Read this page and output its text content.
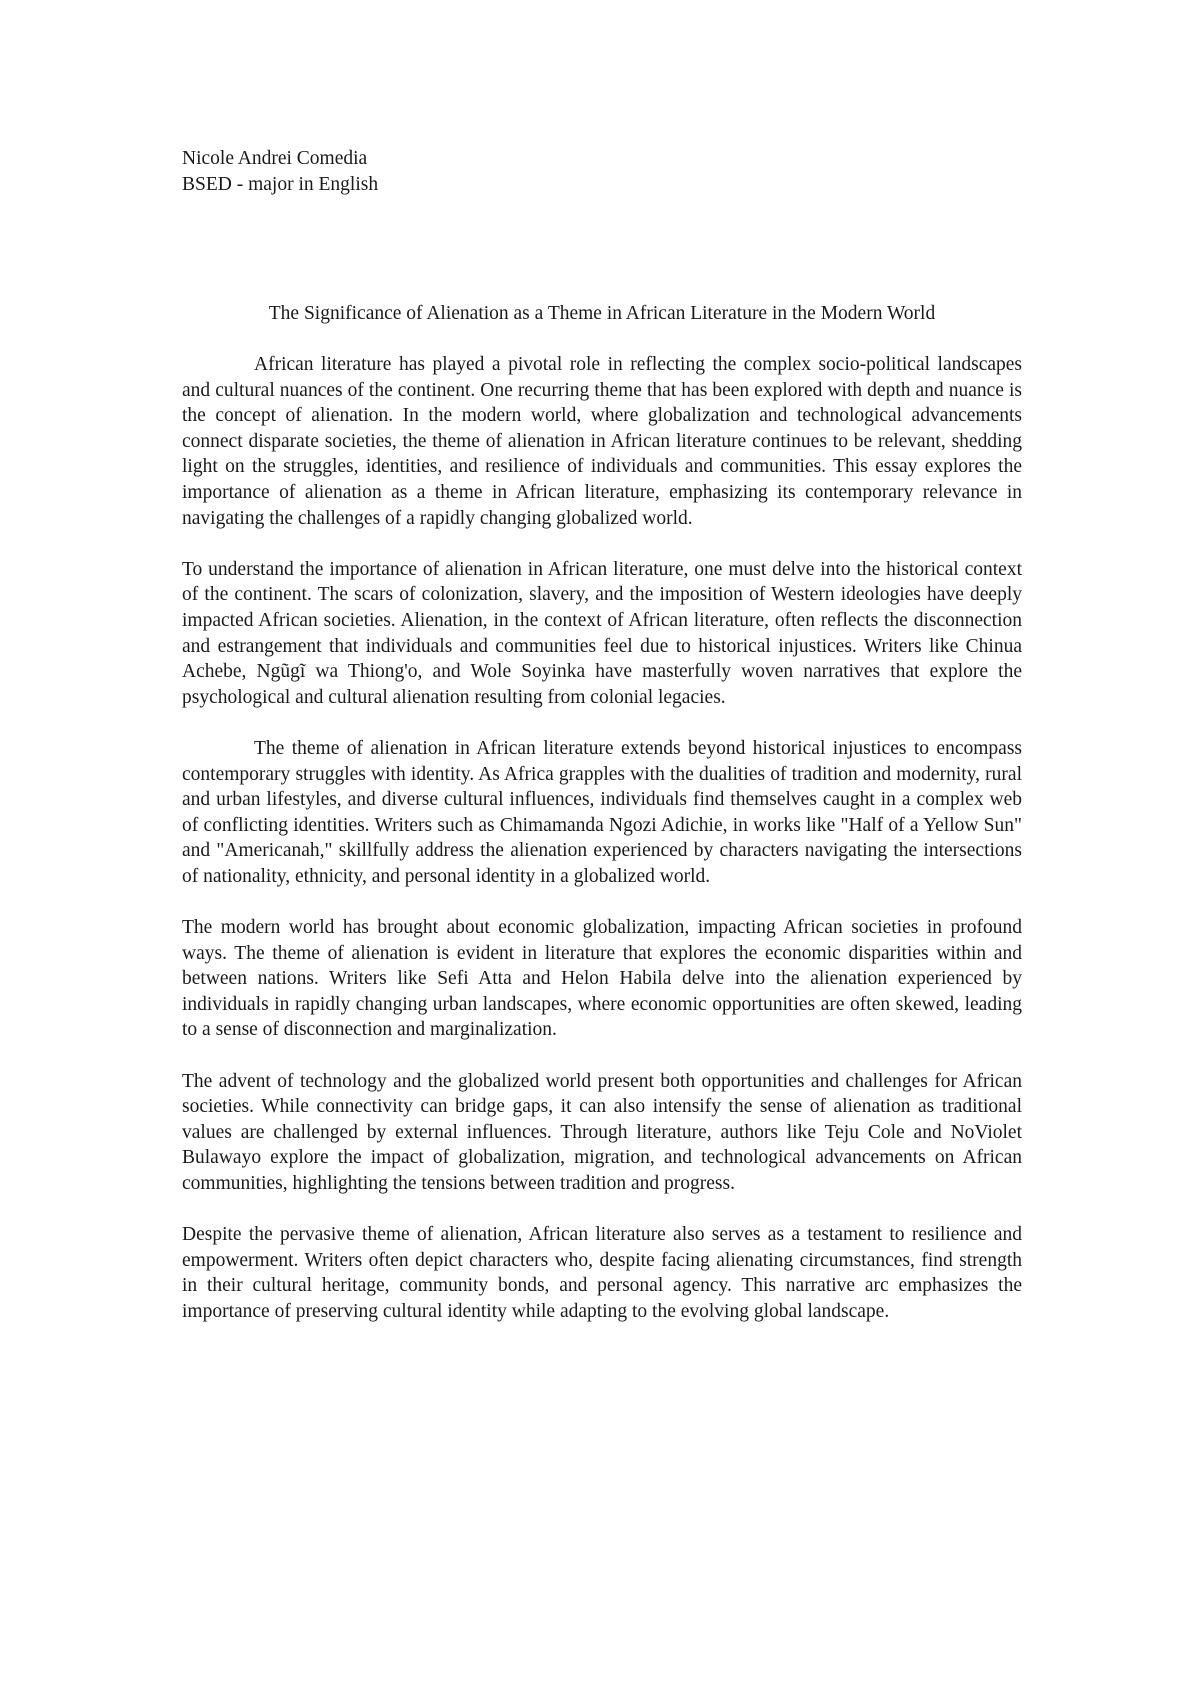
Nicole Andrei Comedia
BSED - major in English
The Significance of Alienation as a Theme in African Literature in the Modern World

African literature has played a pivotal role in reflecting the complex socio-political landscapes and cultural nuances of the continent. One recurring theme that has been explored with depth and nuance is the concept of alienation. In the modern world, where globalization and technological advancements connect disparate societies, the theme of alienation in African literature continues to be relevant, shedding light on the struggles, identities, and resilience of individuals and communities. This essay explores the importance of alienation as a theme in African literature, emphasizing its contemporary relevance in navigating the challenges of a rapidly changing globalized world.

To understand the importance of alienation in African literature, one must delve into the historical context of the continent. The scars of colonization, slavery, and the imposition of Western ideologies have deeply impacted African societies. Alienation, in the context of African literature, often reflects the disconnection and estrangement that individuals and communities feel due to historical injustices. Writers like Chinua Achebe, Ngũgĩ wa Thiong'o, and Wole Soyinka have masterfully woven narratives that explore the psychological and cultural alienation resulting from colonial legacies.

The theme of alienation in African literature extends beyond historical injustices to encompass contemporary struggles with identity. As Africa grapples with the dualities of tradition and modernity, rural and urban lifestyles, and diverse cultural influences, individuals find themselves caught in a complex web of conflicting identities. Writers such as Chimamanda Ngozi Adichie, in works like "Half of a Yellow Sun" and "Americanah," skillfully address the alienation experienced by characters navigating the intersections of nationality, ethnicity, and personal identity in a globalized world.

The modern world has brought about economic globalization, impacting African societies in profound ways. The theme of alienation is evident in literature that explores the economic disparities within and between nations. Writers like Sefi Atta and Helon Habila delve into the alienation experienced by individuals in rapidly changing urban landscapes, where economic opportunities are often skewed, leading to a sense of disconnection and marginalization.

The advent of technology and the globalized world present both opportunities and challenges for African societies. While connectivity can bridge gaps, it can also intensify the sense of alienation as traditional values are challenged by external influences. Through literature, authors like Teju Cole and NoViolet Bulawayo explore the impact of globalization, migration, and technological advancements on African communities, highlighting the tensions between tradition and progress.

Despite the pervasive theme of alienation, African literature also serves as a testament to resilience and empowerment. Writers often depict characters who, despite facing alienating circumstances, find strength in their cultural heritage, community bonds, and personal agency. This narrative arc emphasizes the importance of preserving cultural identity while adapting to the evolving global landscape.
